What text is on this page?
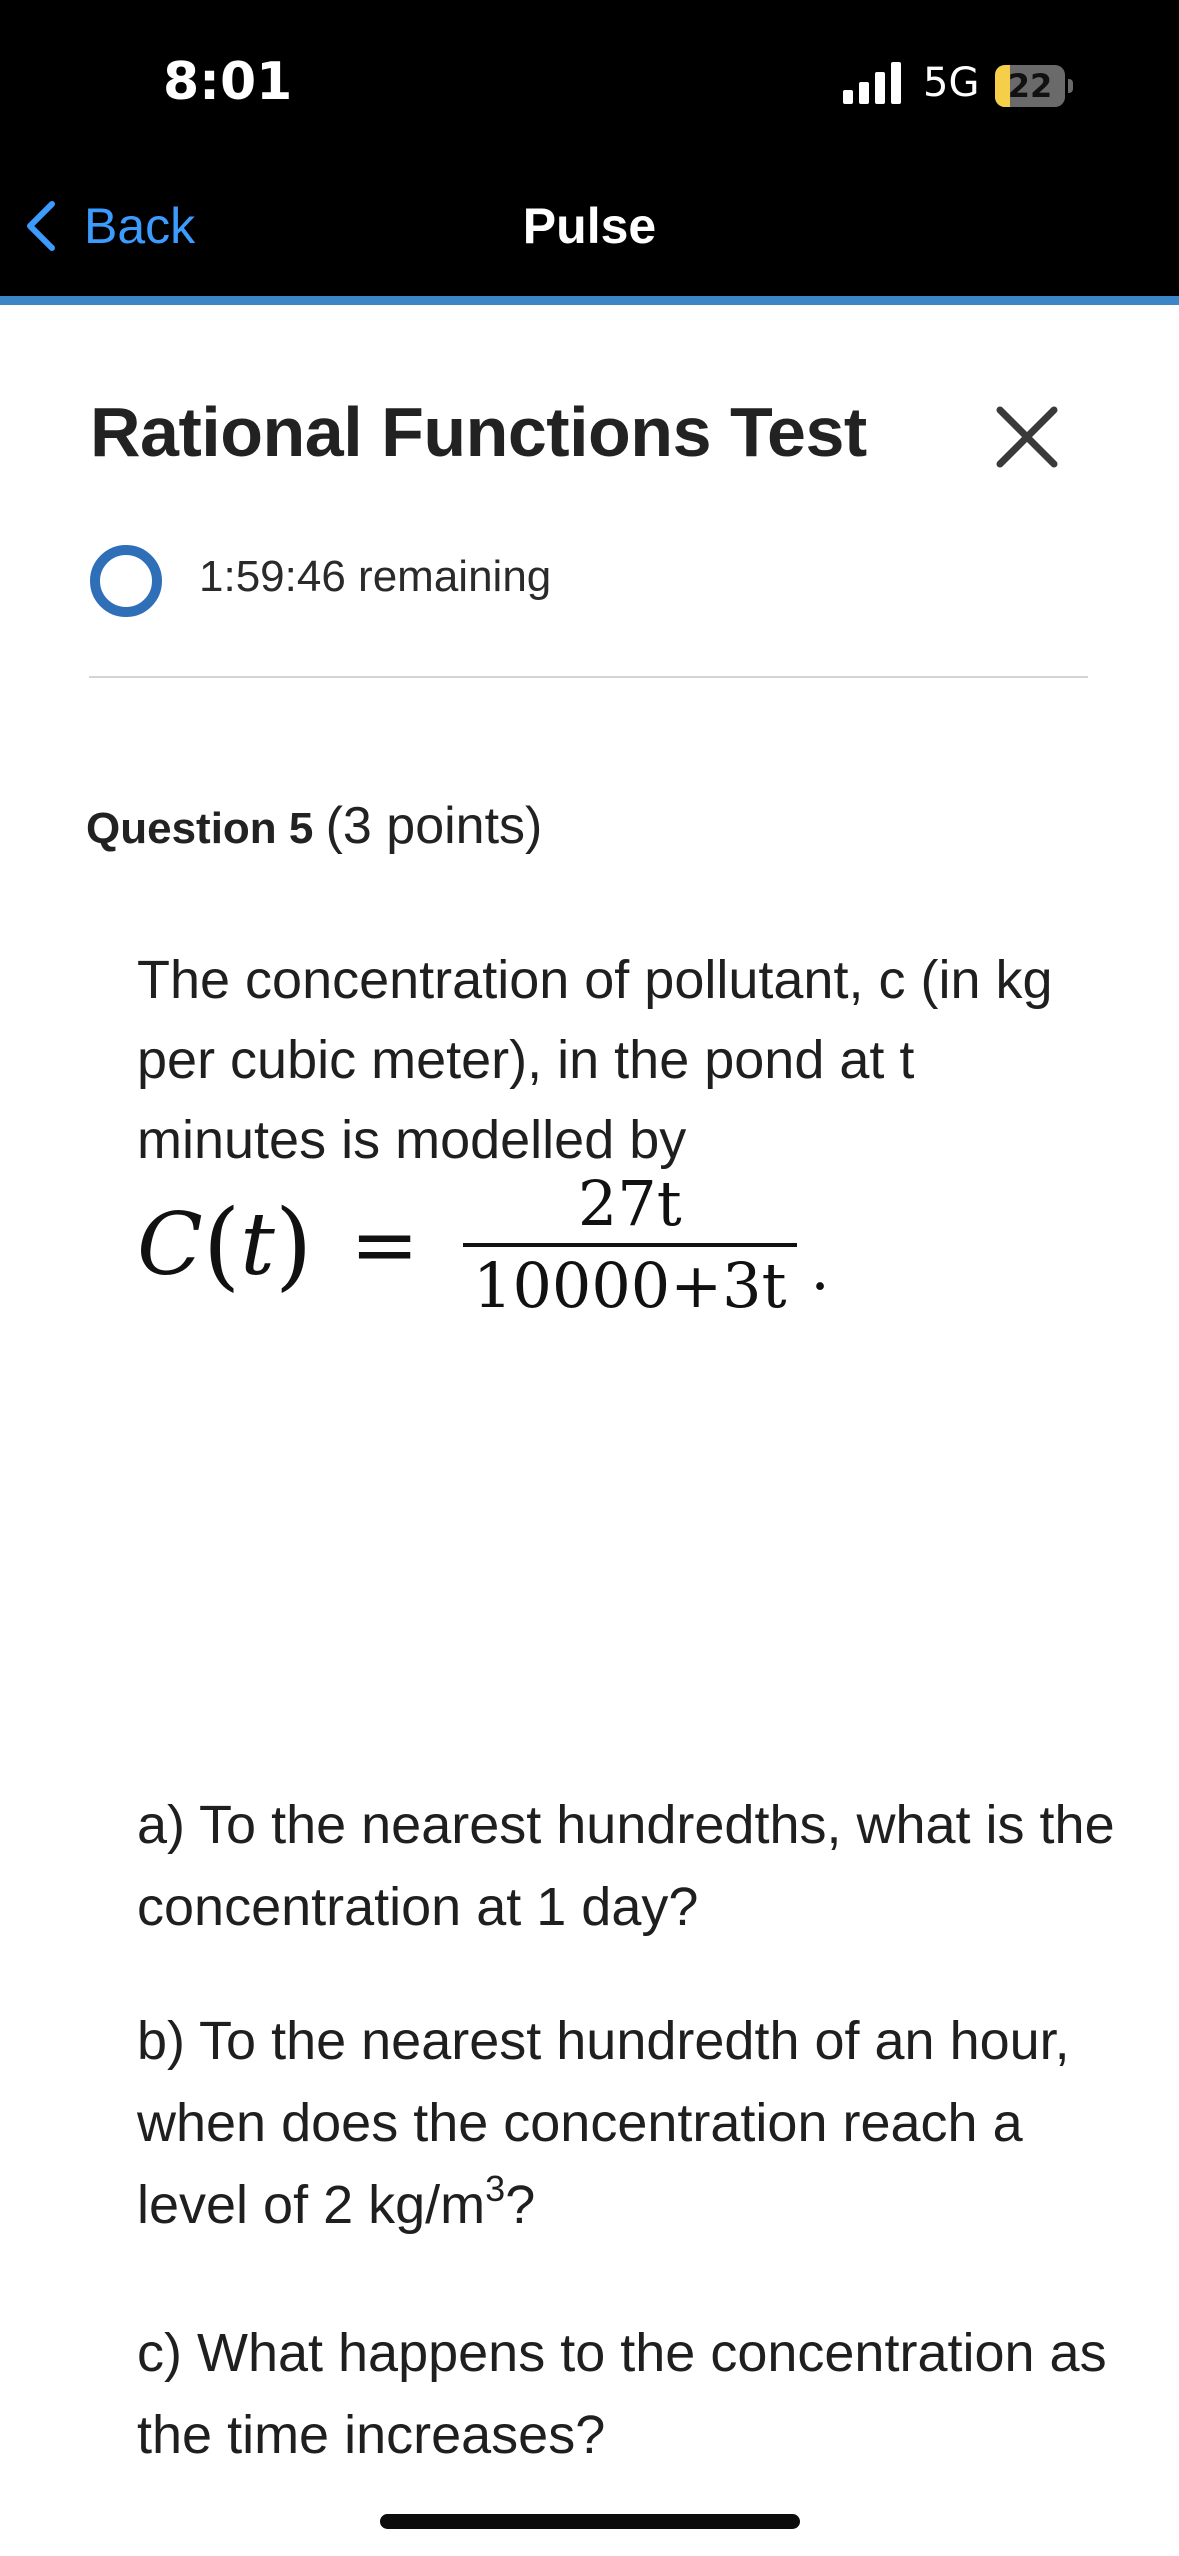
8:01	5G 22
Pulse
Back
Rational Functions Test
1:59:46 remaining
Question 5 (3 points)
The concentration of pollutant, c (in kg per cubic meter), in the pond at t minutes is modelled by
C ( t ) = $\frac{27t}{10000+3t}$ .
a) To the nearest hundredths, what is the concentration at 1 day?
b) To the nearest hundredth of an hour, when does the concentration reach a level of 2 $kg/m^3$?
c) What happens to the concentration as the time increases?
